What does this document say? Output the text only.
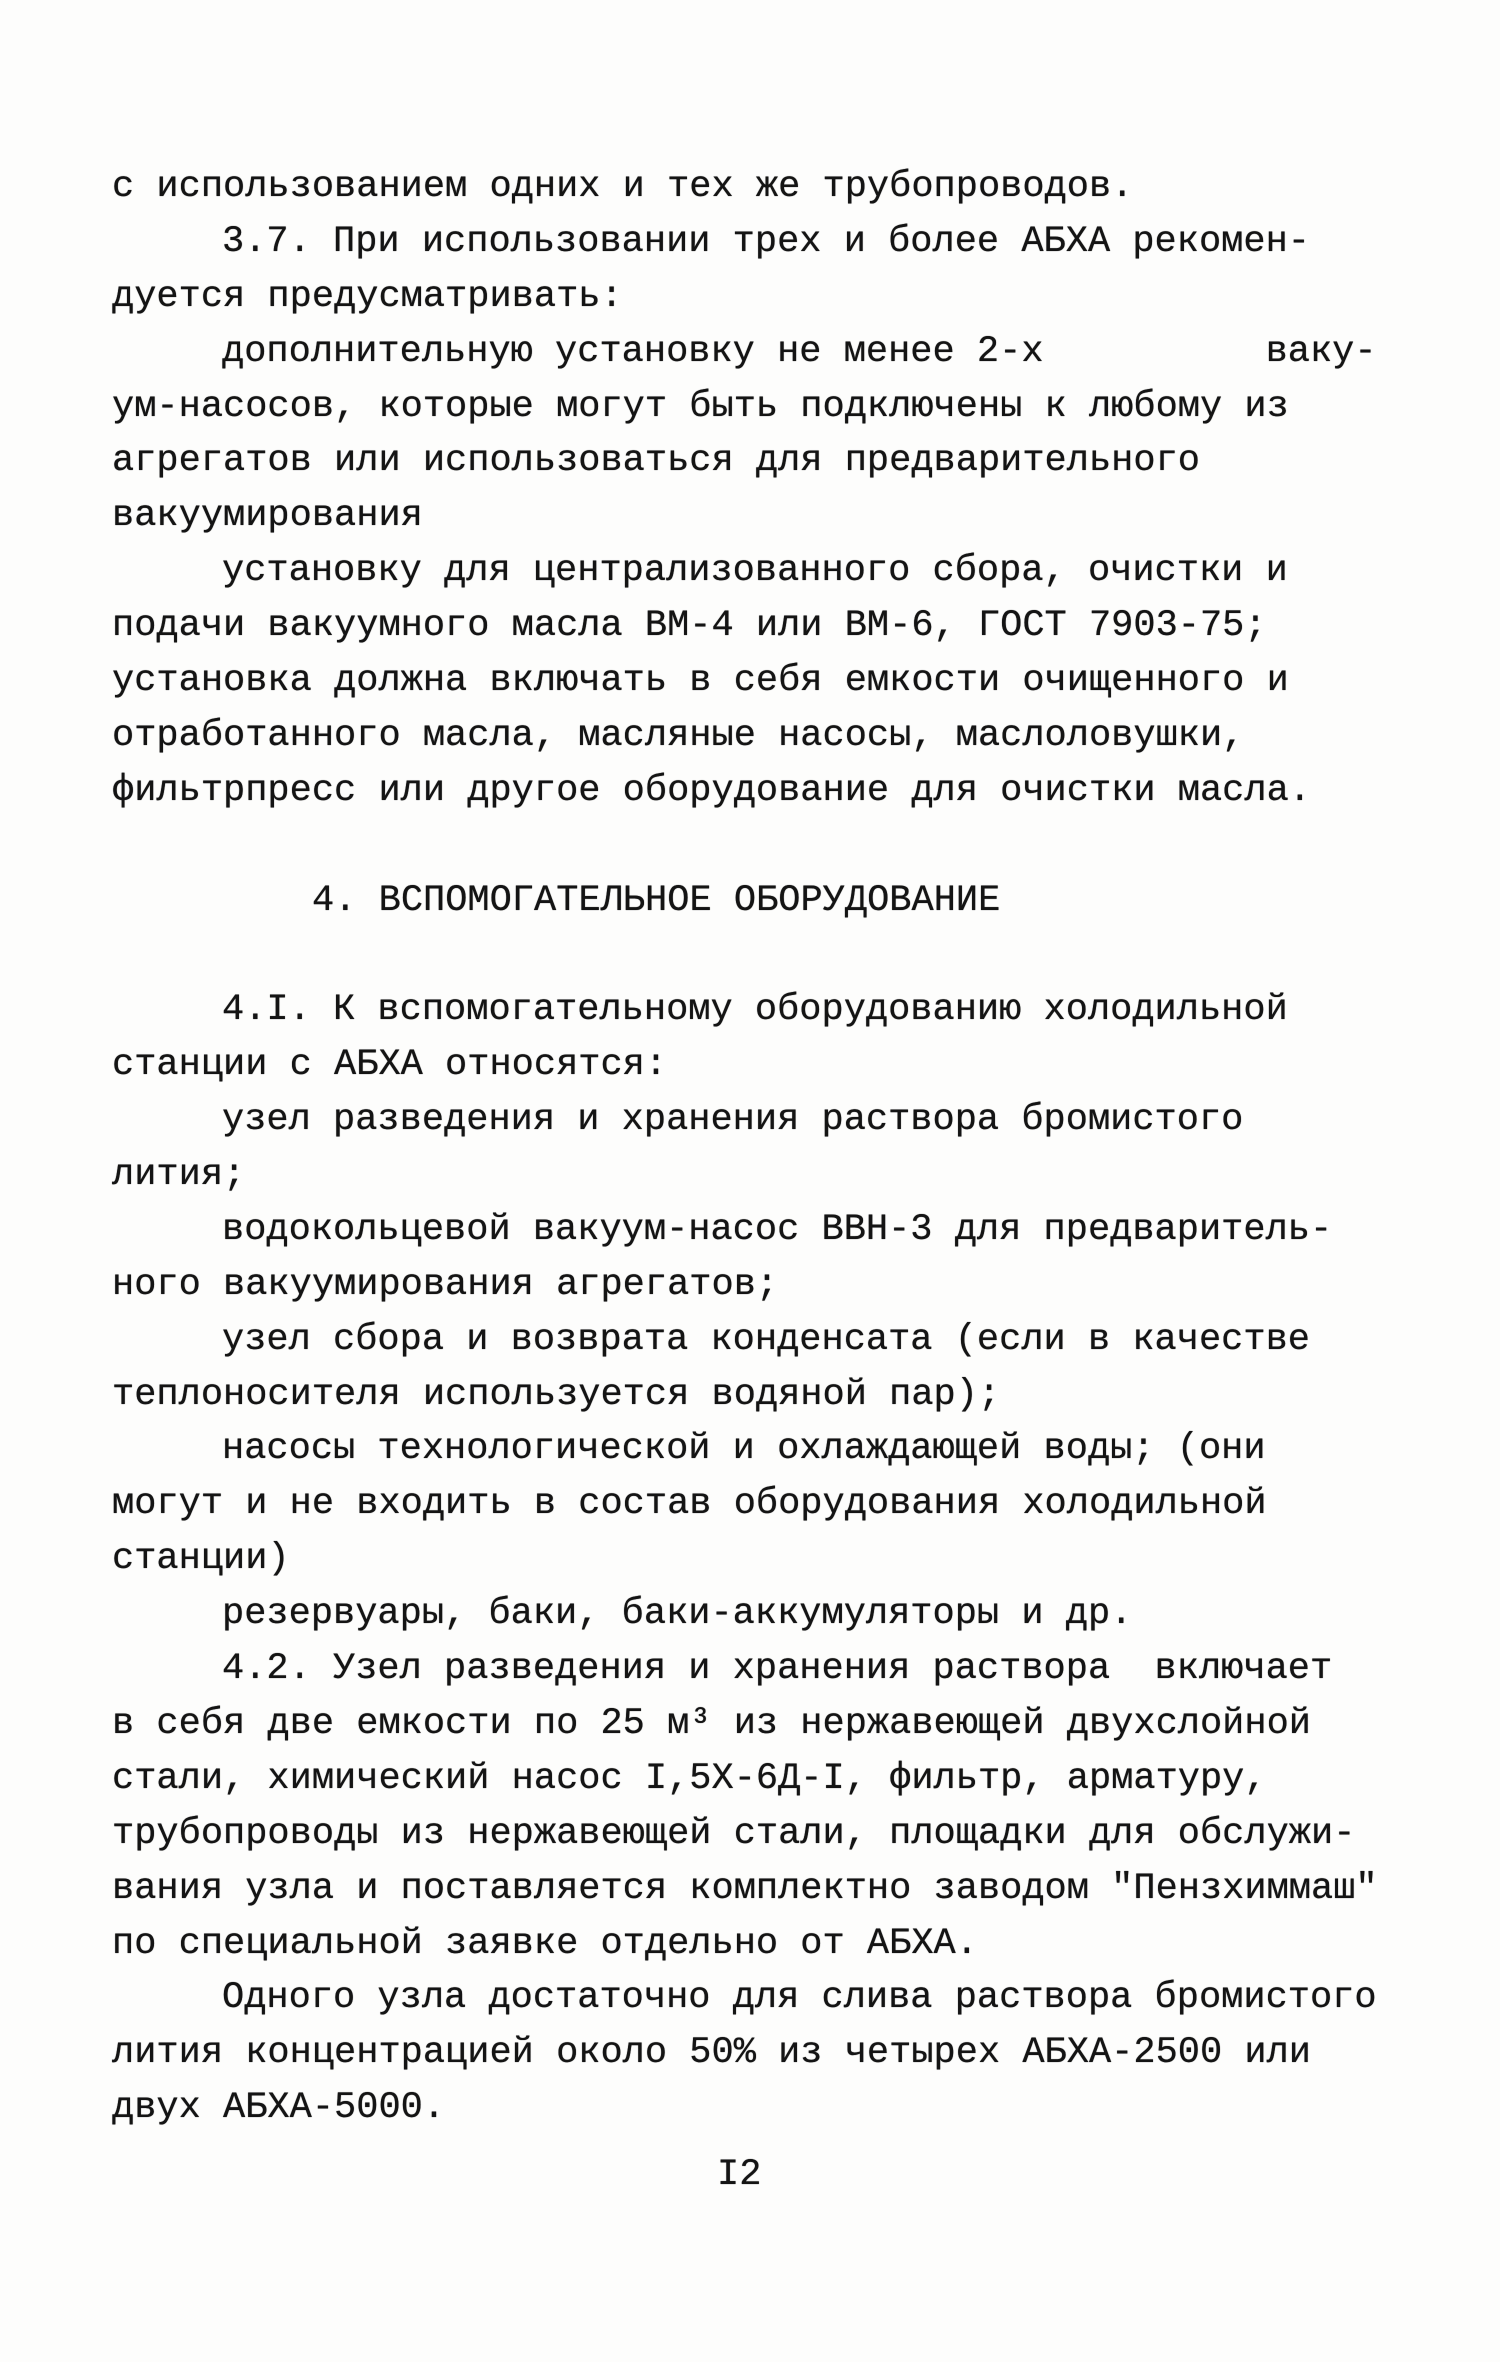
с использованием одних и тех же трубопроводов.
3.7. При использовании трех и более АБХА рекомен-
дуется предусматривать:
дополнительную установку не менее 2-х          ваку-
ум-насосов, которые могут быть подключены к любому из
агрегатов или использоваться для предварительного
вакуумирования
установку для централизованного сбора, очистки и
подачи вакуумного масла ВМ-4 или ВМ-6, ГОСТ 7903-75;
установка должна включать в себя емкости очищенного и
отработанного масла, масляные насосы, маслоловушки,
фильтрпресс или другое оборудование для очистки масла.
4. ВСПОМОГАТЕЛЬНОЕ ОБОРУДОВАНИЕ
4.I. К вспомогательному оборудованию холодильной
станции с АБХА относятся:
узел разведения и хранения раствора бромистого
лития;
водокольцевой вакуум-насос ВВН-3 для предваритель-
ного вакуумирования агрегатов;
узел сбора и возврата конденсата (если в качестве
теплоносителя используется водяной пар);
насосы технологической и охлаждающей воды; (они
могут и не входить в состав оборудования холодильной
станции)
резервуары, баки, баки-аккумуляторы и др.
4.2. Узел разведения и хранения раствора  включает
в себя две емкости по 25 м³ из нержавеющей двухслойной
стали, химический насос I,5Х-6Д-I, фильтр, арматуру,
трубопроводы из нержавеющей стали, площадки для обслужи-
вания узла и поставляется комплектно заводом "Пензхиммаш"
по специальной заявке отдельно от АБХА.
Одного узла достаточно для слива раствора бромистого
лития концентрацией около 50% из четырех АБХА-2500 или
двух АБХА-5000.
I2
